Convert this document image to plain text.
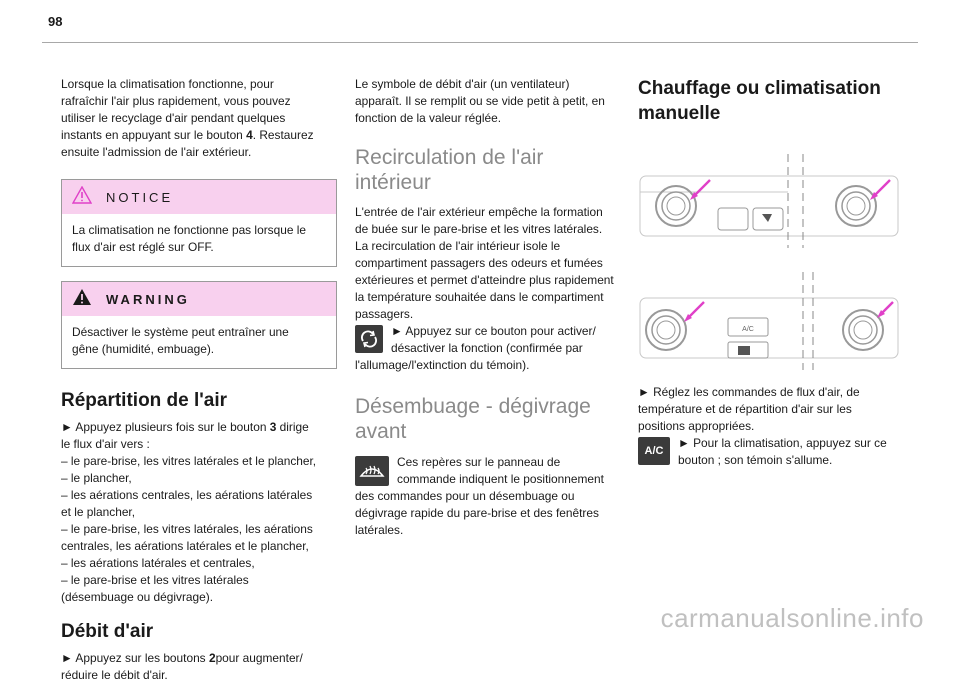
98

Lorsque la climatisation fonctionne, pour
rafraîchir l'air plus rapidement, vous pouvez
utiliser le recyclage d'air pendant quelques
instants en appuyant sur le bouton 4. Restaurez
ensuite l'admission de l'air extérieur.

NOTICE
La climatisation ne fonctionne pas lorsque le
flux d'air est réglé sur OFF.
WARNING
Désactiver le système peut entraîner une
gêne (humidité, embuage).
Répartition de l'air

► Appuyez plusieurs fois sur le bouton 3 dirige
le flux d'air vers :
– le pare-brise, les vitres latérales et le plancher,
– le plancher,
– les aérations centrales, les aérations latérales
et le plancher,
– le pare-brise, les vitres latérales, les aérations
centrales, les aérations latérales et le plancher,
– les aérations latérales et centrales,
– le pare-brise et les vitres latérales
(désembuage ou dégivrage).

Débit d'air

► Appuyez sur les boutons 2pour augmenter/
réduire le débit d'air.

Le symbole de débit d'air (un ventilateur)
apparaît. Il se remplit ou se vide petit à petit, en
fonction de la valeur réglée.

Recirculation de l'air
intérieur

L'entrée de l'air extérieur empêche la formation
de buée sur le pare-brise et les vitres latérales.
La recirculation de l'air intérieur isole le
compartiment passagers des odeurs et fumées
extérieures et permet d'atteindre plus rapidement
la température souhaitée dans le compartiment
passagers.

► Appuyez sur ce bouton pour activer/
désactiver la fonction (confirmée par
l'allumage/l'extinction du témoin).
Désembuage - dégivrage
avant
Ces repères sur le panneau de
commande indiquent le positionnement
des commandes pour un désembuage ou
dégivrage rapide du pare-brise et des fenêtres
latérales.
Chauffage ou climatisation
manuelle
A/C

► Réglez les commandes de flux d'air, de
température et de répartition d'air sur les
positions appropriées.

A/C
► Pour la climatisation, appuyez sur ce
bouton ; son témoin s'allume.
carmanualsonline.info
